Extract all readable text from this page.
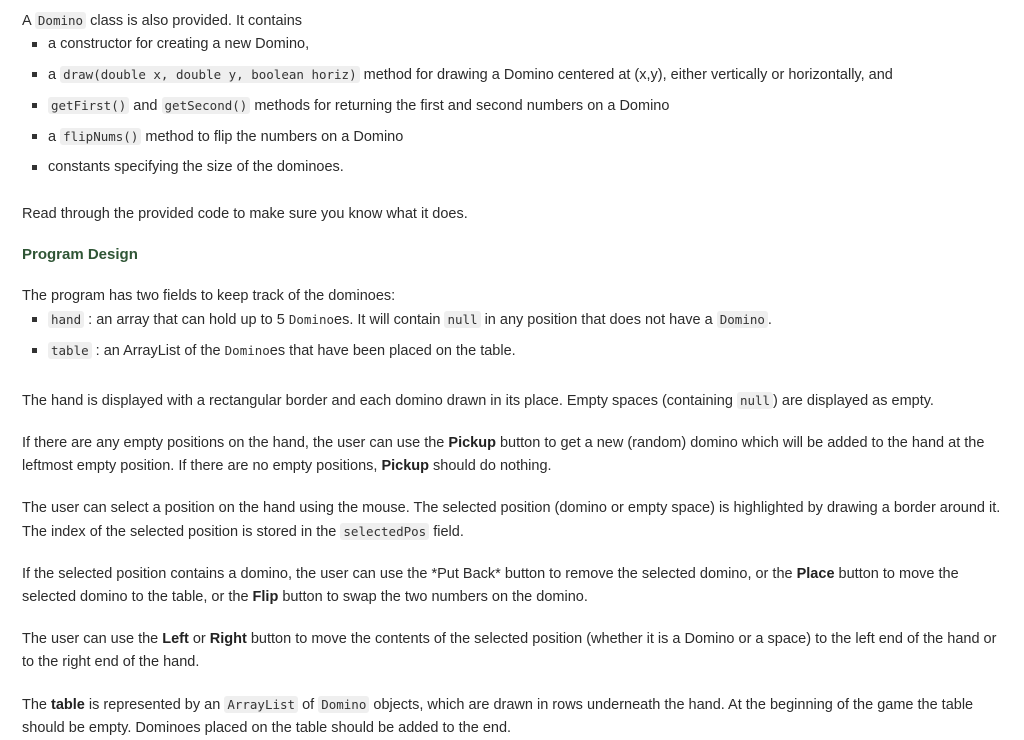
A Domino class is also provided. It contains

a constructor for creating a new Domino,
a draw(double x, double y, boolean horiz) method for drawing a Domino centered at (x,y), either vertically or horizontally, and
getFirst() and getSecond() methods for returning the first and second numbers on a Domino
a flipNums() method to flip the numbers on a Domino
constants specifying the size of the dominoes.

Read through the provided code to make sure you know what it does.

Program Design

The program has two fields to keep track of the dominoes:

hand : an array that can hold up to 5 Dominoes. It will contain null in any position that does not have a Domino .
table : an ArrayList of the Dominoes that have been placed on the table.

The hand is displayed with a rectangular border and each domino drawn in its place. Empty spaces (containing null ) are displayed as empty.

If there are any empty positions on the hand, the user can use the Pickup button to get a new (random) domino which will be added to the hand at the leftmost empty position. If there are no empty positions, Pickup should do nothing.

The user can select a position on the hand using the mouse. The selected position (domino or empty space) is highlighted by drawing a border around it. The index of the selected position is stored in the selectedPos field.

If the selected position contains a domino, the user can use the *Put Back* button to remove the selected domino, or the Place button to move the selected domino to the table, or the Flip button to swap the two numbers on the domino.

The user can use the Left or Right button to move the contents of the selected position (whether it is a Domino or a space) to the left end of the hand or to the right end of the hand.

The table is represented by an ArrayList of Domino objects, which are drawn in rows underneath the hand. At the beginning of the game the table should be empty. Dominoes placed on the table should be added to the end.
